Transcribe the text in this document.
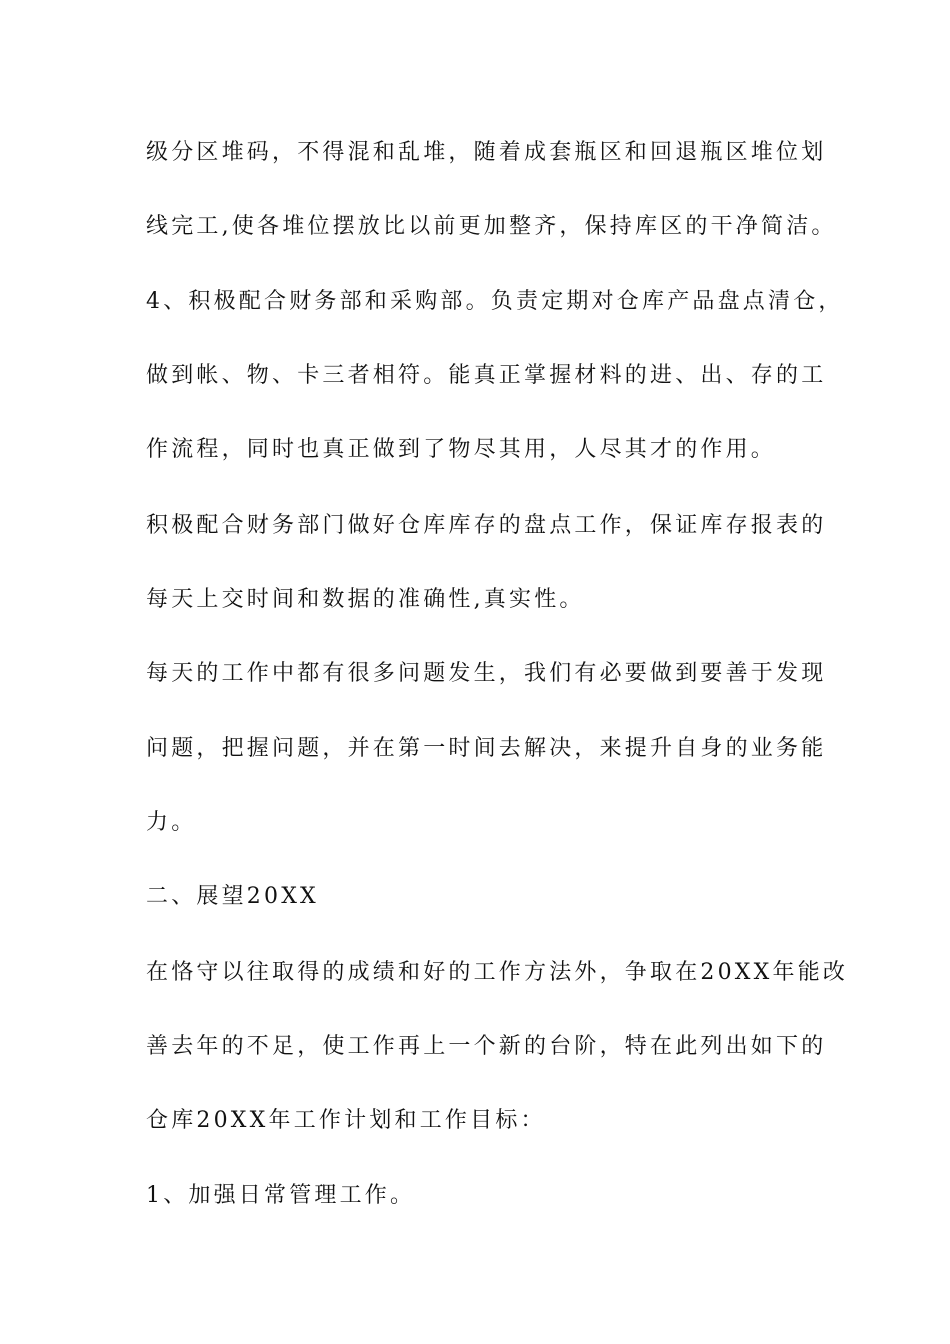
级分区堆码，不得混和乱堆，随着成套瓶区和回退瓶区堆位划
线完工,使各堆位摆放比以前更加整齐，保持库区的干净简洁。
4、积极配合财务部和采购部。负责定期对仓库产品盘点清仓，
做到帐、物、卡三者相符。能真正掌握材料的进、出、存的工
作流程，同时也真正做到了物尽其用，人尽其才的作用。
积极配合财务部门做好仓库库存的盘点工作，保证库存报表的
每天上交时间和数据的准确性,真实性。
每天的工作中都有很多问题发生，我们有必要做到要善于发现
问题，把握问题，并在第一时间去解决，来提升自身的业务能
力。
二、展望20XX
在恪守以往取得的成绩和好的工作方法外，争取在20XX年能改
善去年的不足，使工作再上一个新的台阶，特在此列出如下的
仓库20XX年工作计划和工作目标：
1、加强日常管理工作。
